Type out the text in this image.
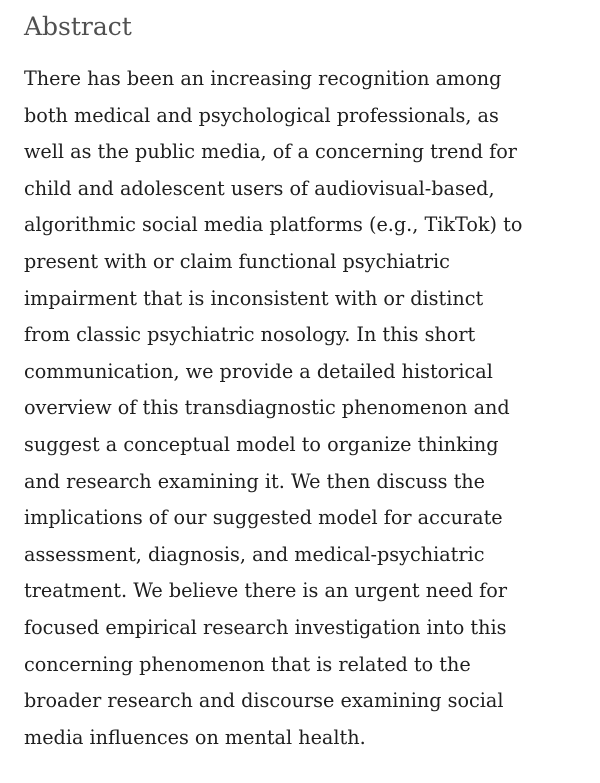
Abstract
There has been an increasing recognition among
both medical and psychological professionals, as
well as the public media, of a concerning trend for
child and adolescent users of audiovisual-based,
algorithmic social media platforms (e.g., TikTok) to
present with or claim functional psychiatric
impairment that is inconsistent with or distinct
from classic psychiatric nosology. In this short
communication, we provide a detailed historical
overview of this transdiagnostic phenomenon and
suggest a conceptual model to organize thinking
and research examining it. We then discuss the
implications of our suggested model for accurate
assessment, diagnosis, and medical-psychiatric
treatment. We believe there is an urgent need for
focused empirical research investigation into this
concerning phenomenon that is related to the
broader research and discourse examining social
media influences on mental health.
